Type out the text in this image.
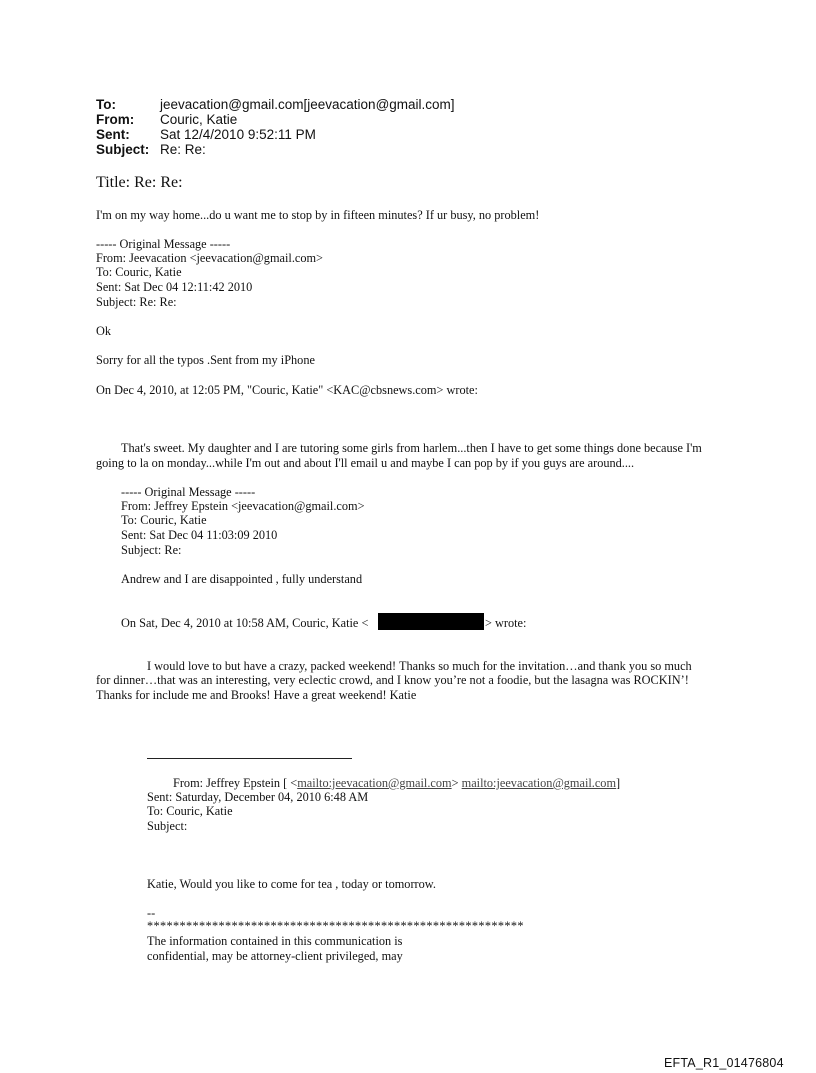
To:	jeevacation@gmail.com[jeevacation@gmail.com]
From: Couric, Katie
Sent: Sat 12/4/2010 9:52:11 PM
Subject: Re: Re:
Title: Re: Re:
I'm on my way home...do u want me to stop by in fifteen minutes? If ur busy, no problem!
----- Original Message -----
From: Jeevacation <jeevacation@gmail.com>
To: Couric, Katie
Sent: Sat Dec 04 12:11:42 2010
Subject: Re: Re:
Ok
Sorry for all the typos .Sent from my iPhone
On Dec 4, 2010, at 12:05 PM, "Couric, Katie" <KAC@cbsnews.com> wrote:
That's sweet. My daughter and I are tutoring some girls from harlem...then I have to get some things done because I'm
going to la on monday...while I'm out and about I'll email u and maybe I can pop by if you guys are around....
----- Original Message -----
From: Jeffrey Epstein <jeevacation@gmail.com>
To: Couric, Katie
Sent: Sat Dec 04 11:03:09 2010
Subject: Re:
Andrew and I are disappointed , fully understand
On Sat, Dec 4, 2010 at 10:58 AM, Couric, Katie <	> wrote:
I would love to but have a crazy, packed weekend! Thanks so much for the invitation…and thank you so much
for dinner…that was an interesting, very eclectic crowd, and I know you’re not a foodie, but the lasagna was ROCKIN’!
Thanks for include me and Brooks! Have a great weekend! Katie
From: Jeffrey Epstein [ <mailto:jeevacation@gmail.com> mailto:jeevacation@gmail.com]
Sent: Saturday, December 04, 2010 6:48 AM
To: Couric, Katie
Subject:
Katie, Would you like to come for tea , today or tomorrow.
--
**********************************************************
The information contained in this communication is
confidential, may be attorney-client privileged, may
EFTA_R1_01476804
